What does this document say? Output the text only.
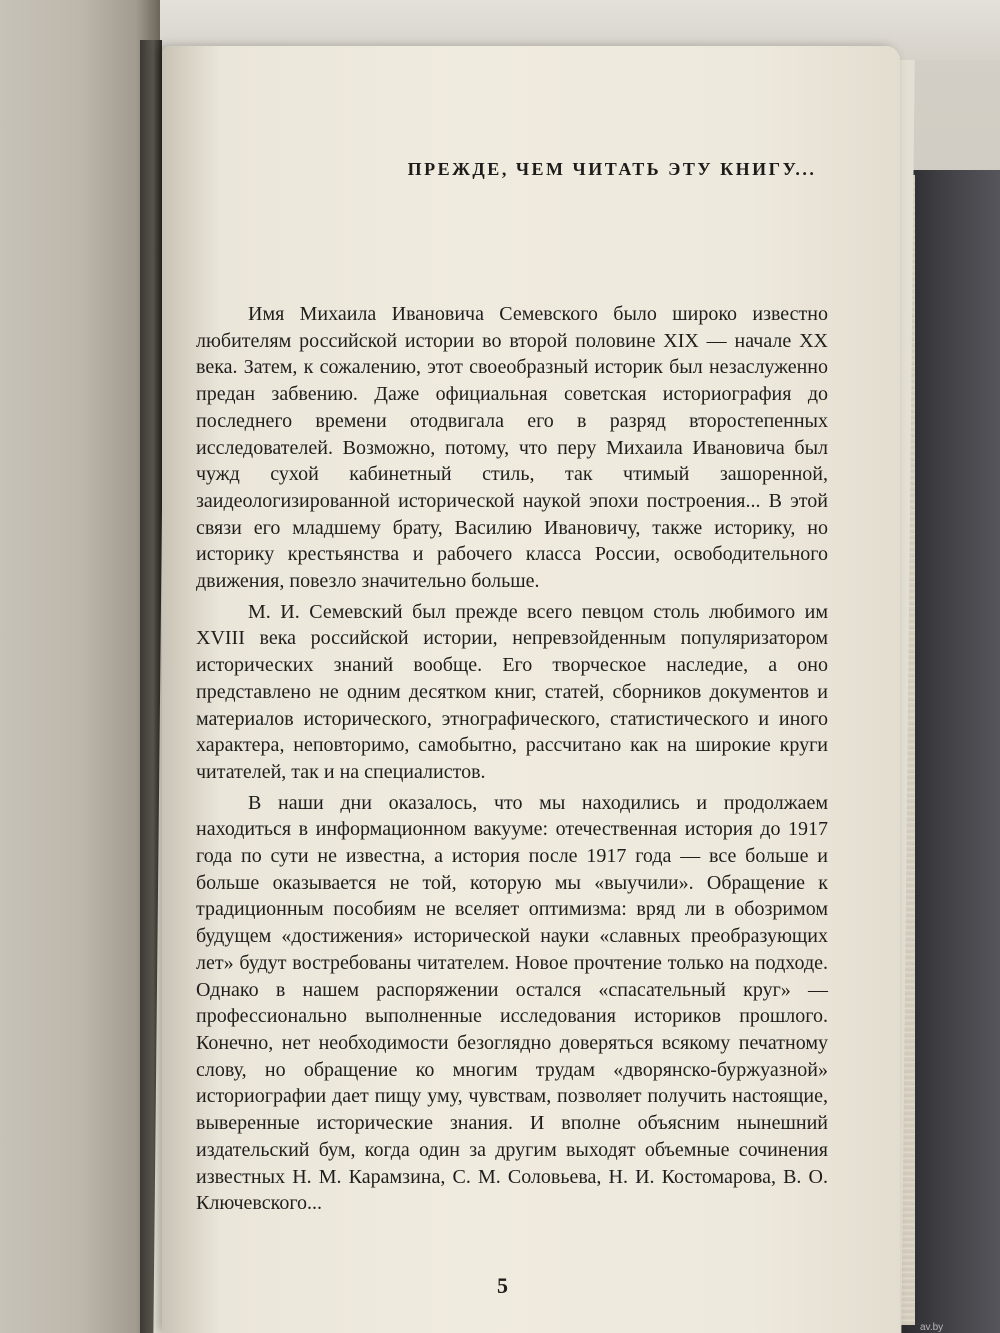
ПРЕЖДЕ, ЧЕМ ЧИТАТЬ ЭТУ КНИГУ...

Имя Михаила Ивановича Семевского было широко известно любителям российской истории во второй половине XIX — начале XX века. Затем, к сожалению, этот своеобразный историк был незаслуженно предан забвению. Даже официальная советская историография до последнего времени отодвигала его в разряд второстепенных исследователей. Возможно, потому, что перу Михаила Ивановича был чужд сухой кабинетный стиль, так чтимый зашоренной, заидеологизированной исторической наукой эпохи построения... В этой связи его младшему брату, Василию Ивановичу, также историку, но историку крестьянства и рабочего класса России, освободительного движения, повезло значительно больше.

М. И. Семевский был прежде всего певцом столь любимого им XVIII века российской истории, непревзойденным популяризатором исторических знаний вообще. Его творческое наследие, а оно представлено не одним десятком книг, статей, сборников документов и материалов исторического, этнографического, статистического и иного характера, неповторимо, самобытно, рассчитано как на широкие круги читателей, так и на специалистов.

В наши дни оказалось, что мы находились и продолжаем находиться в информационном вакууме: отечественная история до 1917 года по сути не известна, а история после 1917 года — все больше и больше оказывается не той, которую мы «выучили». Обращение к традиционным пособиям не вселяет оптимизма: вряд ли в обозримом будущем «достижения» исторической науки «славных преобразующих лет» будут востребованы читателем. Новое прочтение только на подходе. Однако в нашем распоряжении остался «спасательный круг» — профессионально выполненные исследования историков прошлого. Конечно, нет необходимости безоглядно доверяться всякому печатному слову, но обращение ко многим трудам «дворянско-буржуазной» историографии дает пищу уму, чувствам, позволяет получить настоящие, выверенные исторические знания. И вполне объясним нынешний издательский бум, когда один за другим выходят объемные сочинения известных Н. М. Карамзина, С. М. Соловьева, Н. И. Костомарова, В. О. Ключевского...

5
av.by
